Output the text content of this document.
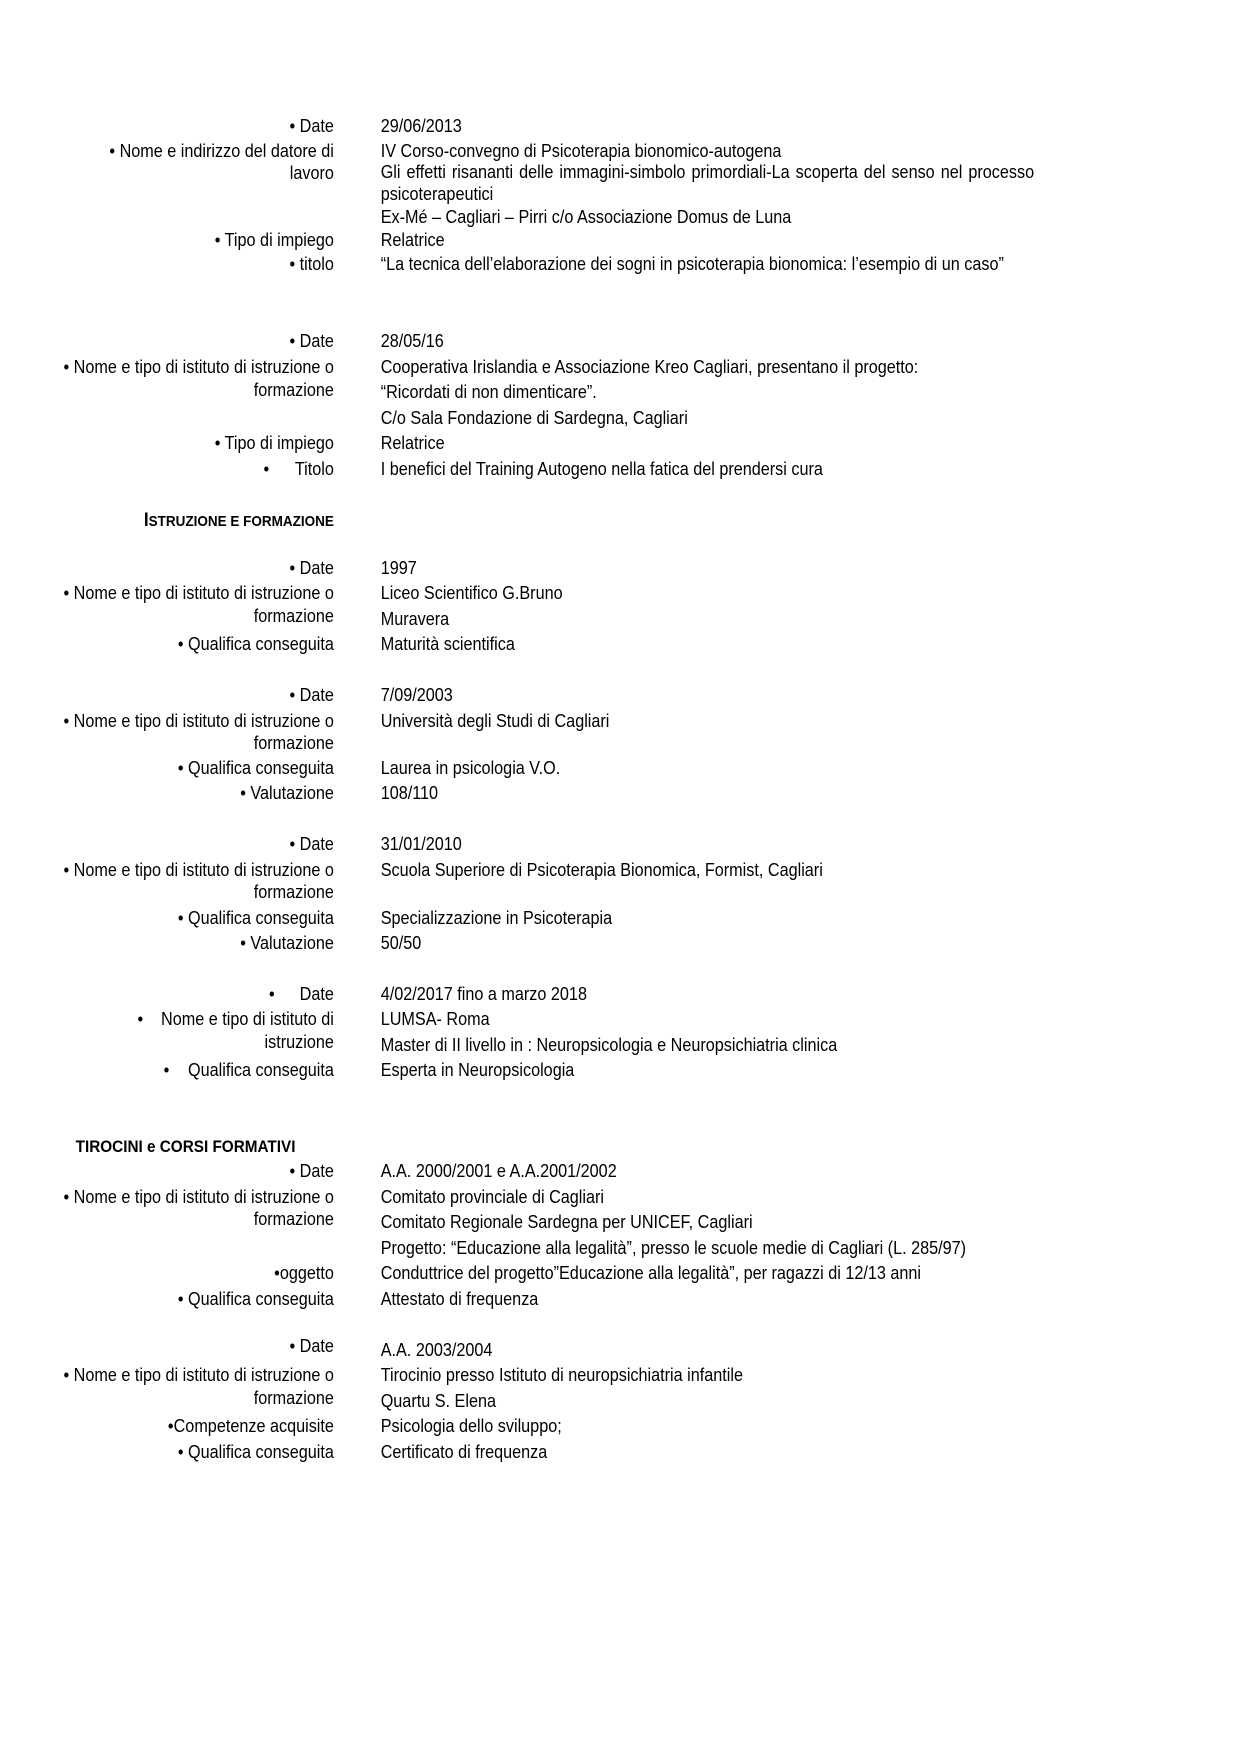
• Date	29/06/2013
• Nome e indirizzo del datore di	IV Corso-convegno di Psicoterapia bionomico-autogena
lavoro	Gli effetti risananti delle immagini-simbolo primordiali-La scoperta del senso nel processo psicoterapeutici
Ex-Mé – Cagliari – Pirri c/o Associazione Domus de Luna
• Tipo di impiego	Relatrice
• titolo	“La tecnica dell’elaborazione dei sogni in psicoterapia bionomica: l’esempio di un caso”
• Date	28/05/16
• Nome e tipo di istituto di istruzione o	Cooperativa Irislandia e Associazione Kreo Cagliari, presentano il progetto:
formazione	“Ricordati di non dimenticare”.
C/o Sala Fondazione di Sardegna, Cagliari
• Tipo di impiego	Relatrice
•	Titolo	I benefici del Training Autogeno nella fatica del prendersi cura
ISTRUZIONE E FORMAZIONE
• Date	1997
• Nome e tipo di istituto di istruzione o	Liceo Scientifico G.Bruno
formazione	Muravera
• Qualifica conseguita	Maturità scientifica
• Date	7/09/2003
• Nome e tipo di istituto di istruzione o	Università degli Studi di Cagliari
formazione
• Qualifica conseguita	Laurea in psicologia V.O.
• Valutazione	108/110
• Date	31/01/2010
• Nome e tipo di istituto di istruzione o	Scuola Superiore di Psicoterapia Bionomica, Formist, Cagliari
formazione
• Qualifica conseguita	Specializzazione in Psicoterapia
• Valutazione	50/50
•	Date	4/02/2017 fino a marzo 2018
• Nome e tipo di istituto di	LUMSA- Roma
istruzione	Master di II livello in : Neuropsicologia e Neuropsichiatria clinica
•	Qualifica conseguita	Esperta in Neuropsicologia
TIROCINI e CORSI FORMATIVI
• Date	A.A. 2000/2001 e A.A.2001/2002
• Nome e tipo di istituto di istruzione o	Comitato provinciale di Cagliari
formazione	Comitato Regionale Sardegna per UNICEF, Cagliari
Progetto: “Educazione alla legalità”, presso le scuole medie di Cagliari (L. 285/97)
•oggetto	Conduttrice del progetto”Educazione alla legalità”, per ragazzi di 12/13 anni
• Qualifica conseguita	Attestato di frequenza
• Date	A.A. 2003/2004
• Nome e tipo di istituto di istruzione o	Tirocinio presso Istituto di neuropsichiatria infantile
formazione	Quartu S. Elena
•Competenze acquisite	Psicologia dello sviluppo;
• Qualifica conseguita	Certificato di frequenza
